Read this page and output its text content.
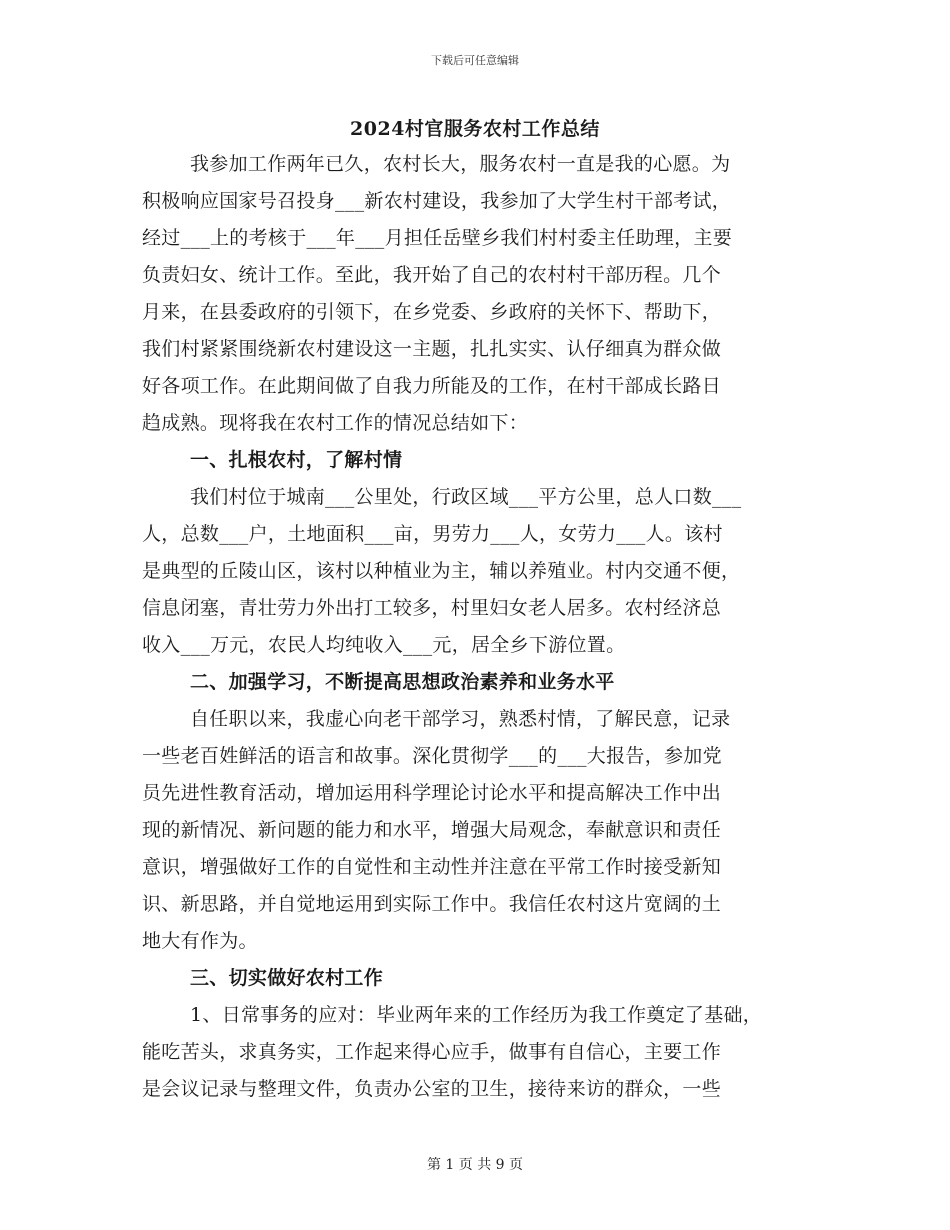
下载后可任意编辑
2024村官服务农村工作总结
我参加工作两年已久，农村长大，服务农村一直是我的心愿。为
积极响应国家号召投身___新农村建设，我参加了大学生村干部考试，
经过___上的考核于___年___月担任岳壁乡我们村村委主任助理，主要
负责妇女、统计工作。至此，我开始了自己的农村村干部历程。几个
月来，在县委政府的引领下，在乡党委、乡政府的关怀下、帮助下，
我们村紧紧围绕新农村建设这一主题，扎扎实实、认仔细真为群众做
好各项工作。在此期间做了自我力所能及的工作，在村干部成长路日
趋成熟。现将我在农村工作的情况总结如下：
一、扎根农村，了解村情
我们村位于城南___公里处，行政区域___平方公里，总人口数___
人，总数___户，土地面积___亩，男劳力___人，女劳力___人。该村
是典型的丘陵山区，该村以种植业为主，辅以养殖业。村内交通不便，
信息闭塞，青壮劳力外出打工较多，村里妇女老人居多。农村经济总
收入___万元，农民人均纯收入___元，居全乡下游位置。
二、加强学习，不断提高思想政治素养和业务水平
自任职以来，我虚心向老干部学习，熟悉村情，了解民意，记录
一些老百姓鲜活的语言和故事。深化贯彻学___的___大报告，参加党
员先进性教育活动，增加运用科学理论讨论水平和提高解决工作中出
现的新情况、新问题的能力和水平，增强大局观念，奉献意识和责任
意识，增强做好工作的自觉性和主动性并注意在平常工作时接受新知
识、新思路，并自觉地运用到实际工作中。我信任农村这片宽阔的土
地大有作为。
三、切实做好农村工作
1、日常事务的应对：毕业两年来的工作经历为我工作奠定了基础，
能吃苦头，求真务实，工作起来得心应手，做事有自信心，主要工作
是会议记录与整理文件，负责办公室的卫生，接待来访的群众，一些
第 1 页 共 9 页
